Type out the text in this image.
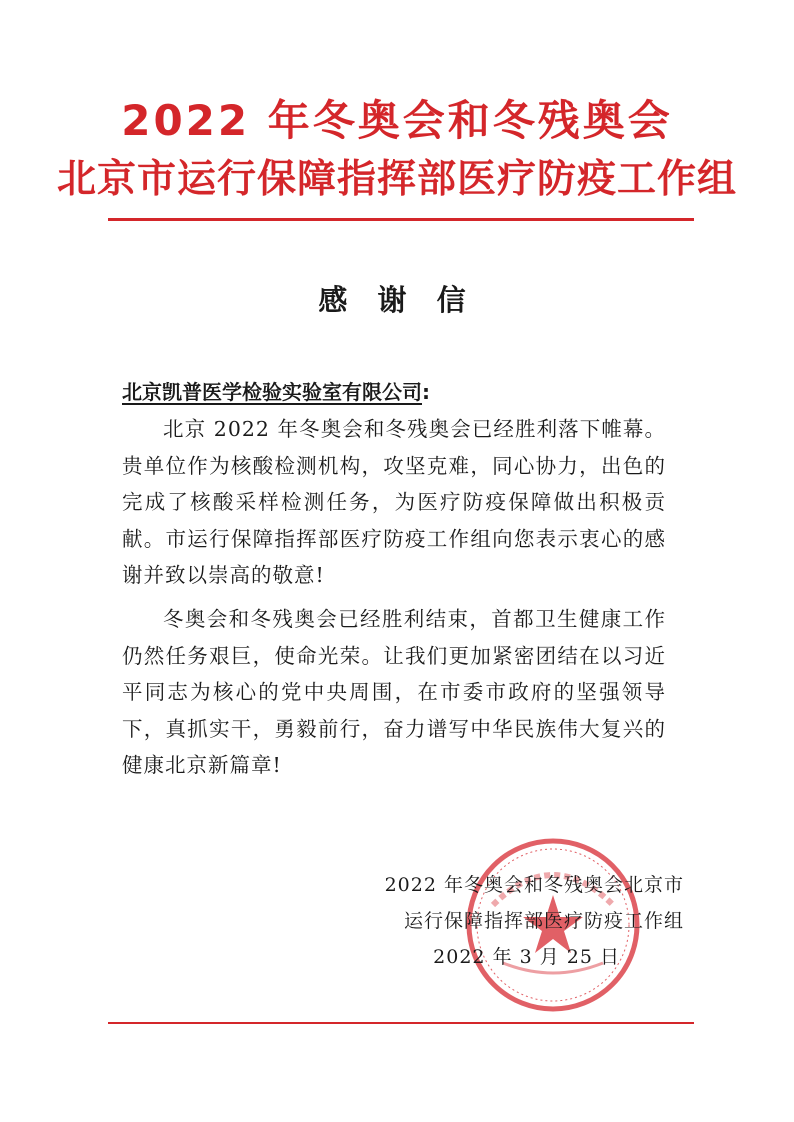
2022 年冬奥会和冬残奥会
北京市运行保障指挥部医疗防疫工作组
感 谢 信
北京凯普医学检验实验室有限公司:

北京 2022 年冬奥会和冬残奥会已经胜利落下帷幕。贵单位作为核酸检测机构，攻坚克难，同心协力，出色的完成了核酸采样检测任务，为医疗防疫保障做出积极贡献。市运行保障指挥部医疗防疫工作组向您表示衷心的感谢并致以崇高的敬意!

冬奥会和冬残奥会已经胜利结束，首都卫生健康工作仍然任务艰巨，使命光荣。让我们更加紧密团结在以习近平同志为核心的党中央周围，在市委市政府的坚强领导下，真抓实干，勇毅前行，奋力谱写中华民族伟大复兴的健康北京新篇章!

2022 年冬奥会和冬残奥会北京市
运行保障指挥部医疗防疫工作组
2022 年 3 月 25 日
